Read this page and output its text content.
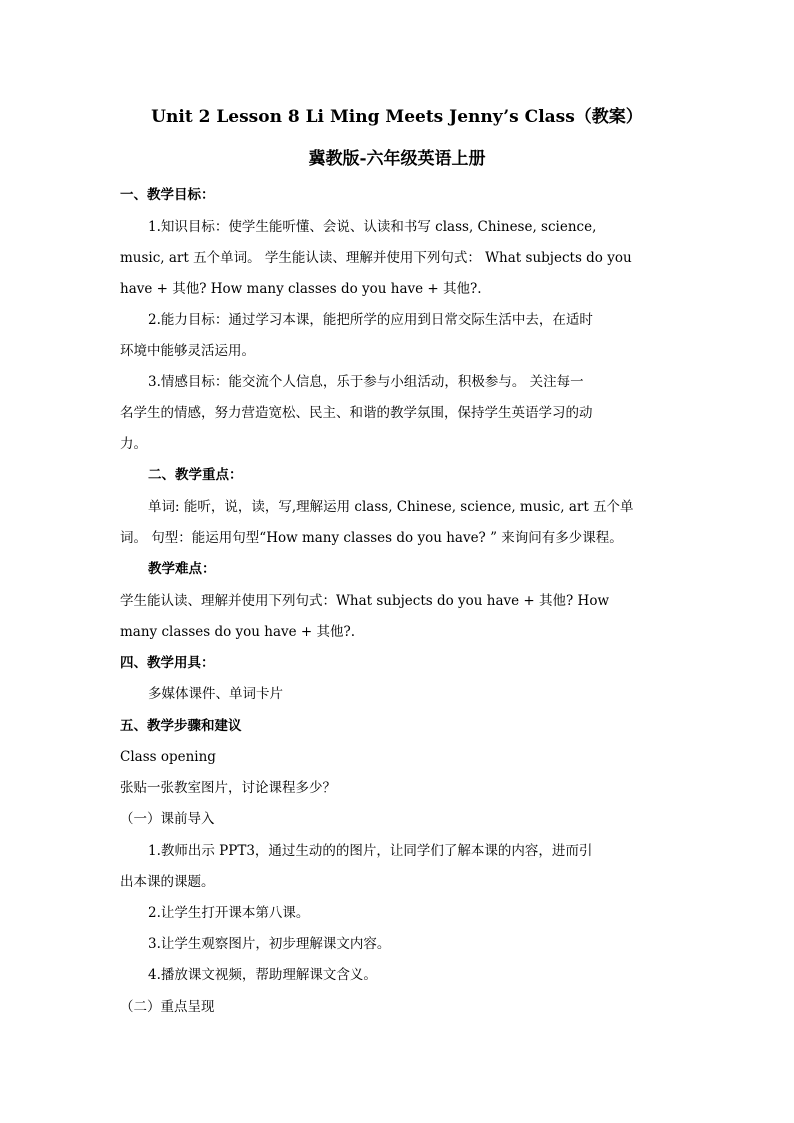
Unit 2 Lesson 8 Li Ming Meets Jenny’s Class（教案）
冀教版-六年级英语上册
一、教学目标：
1.知识目标：使学生能听懂、会说、认读和书写 class, Chinese, science,
music, art 五个单词。 学生能认读、理解并使用下列句式： What subjects do you
have + 其他? How many classes do you have + 其他?.
2.能力目标：通过学习本课，能把所学的应用到日常交际生活中去，在适时
环境中能够灵活运用。
3.情感目标：能交流个人信息，乐于参与小组活动，积极参与。 关注每一
名学生的情感，努力营造宽松、民主、和谐的教学氛围，保持学生英语学习的动
力。
二、教学重点：
单词: 能听，说，读，写,理解运用 class, Chinese, science, music, art 五个单
词。 句型：能运用句型“How many classes do you have? ” 来询问有多少课程。
教学难点：
学生能认读、理解并使用下列句式：What subjects do you have + 其他? How
many classes do you have + 其他?.
四、教学用具：
多媒体课件、单词卡片
五、教学步骤和建议
Class opening
张贴一张教室图片，讨论课程多少？
（一）课前导入
1.教师出示 PPT3，通过生动的的图片，让同学们了解本课的内容，进而引
出本课的课题。
2.让学生打开课本第八课。
3.让学生观察图片，初步理解课文内容。
4.播放课文视频，帮助理解课文含义。
（二）重点呈现
